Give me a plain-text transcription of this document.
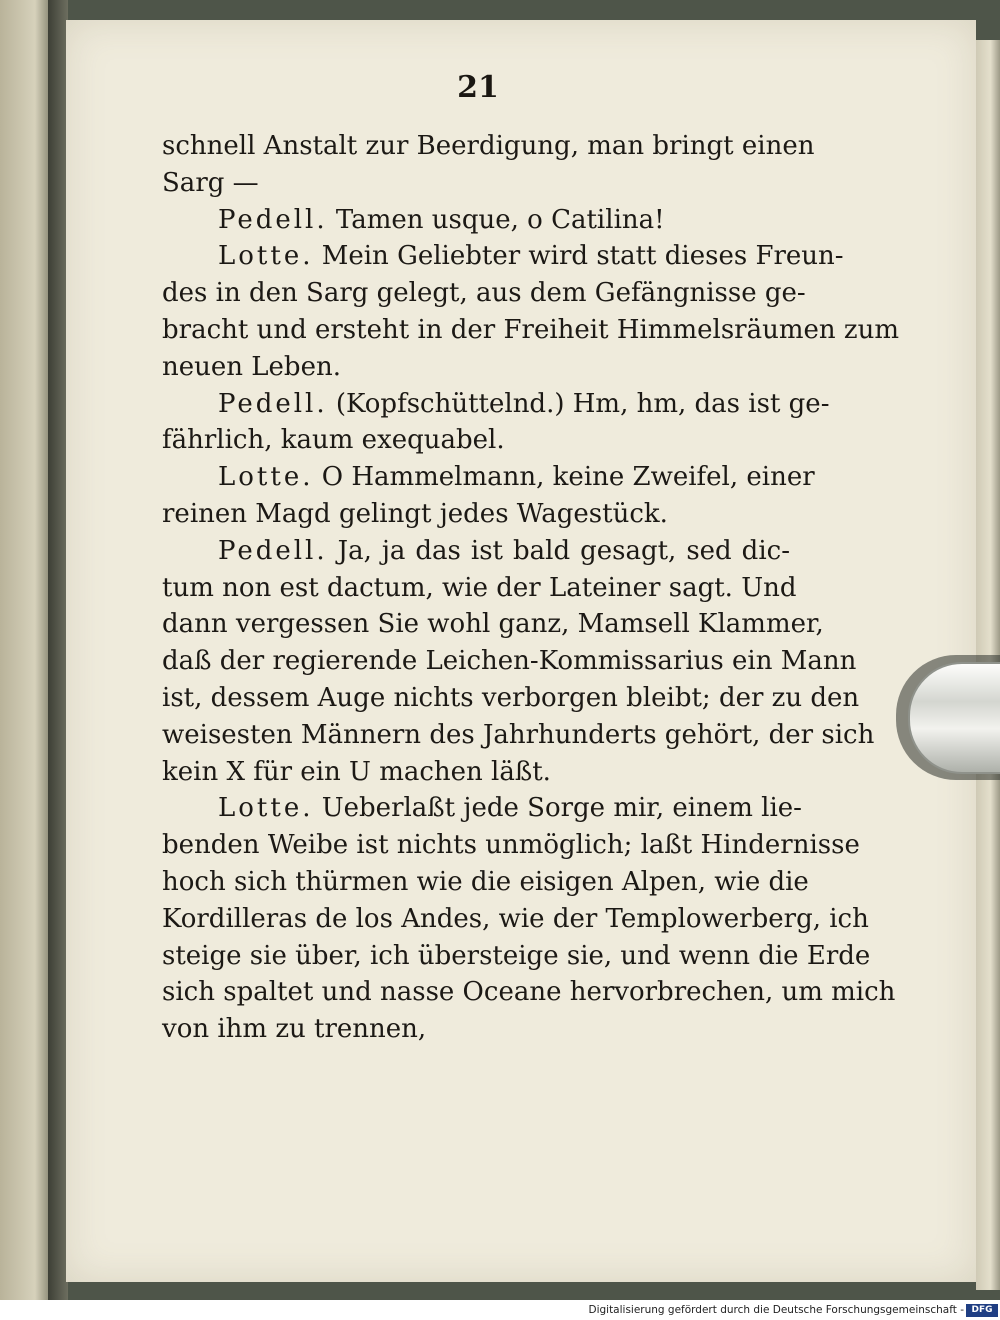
21
schnell Anstalt zur Beerdigung, man bringt einen
Sarg —
Pedell. Tamen usque, o Catilina!
Lotte. Mein Geliebter wird statt dieses Freun-
des in den Sarg gelegt, aus dem Gefängnisse ge-
bracht und ersteht in der Freiheit Himmelsräumen zum
neuen Leben.
Pedell. (Kopfschüttelnd.) Hm, hm, das ist ge-
fährlich, kaum exequabel.
Lotte. O Hammelmann, keine Zweifel, einer
reinen Magd gelingt jedes Wagestück.
Pedell. Ja, ja das ist bald gesagt, sed dic-
tum non est dactum, wie der Lateiner sagt. Und
dann vergessen Sie wohl ganz, Mamsell Klammer,
daß der regierende Leichen-Kommissarius ein Mann
ist, dessem Auge nichts verborgen bleibt; der zu den
weisesten Männern des Jahrhunderts gehört, der sich
kein X für ein U machen läßt.
Lotte. Ueberlaßt jede Sorge mir, einem lie-
benden Weibe ist nichts unmöglich; laßt Hindernisse
hoch sich thürmen wie die eisigen Alpen, wie die
Kordilleras de los Andes, wie der Templowerberg, ich
steige sie über, ich übersteige sie, und wenn die Erde
sich spaltet und nasse Oceane hervorbrechen, um mich
von ihm zu trennen,
Digitalisierung gefördert durch die Deutsche Forschungsgemeinschaft - DFG
